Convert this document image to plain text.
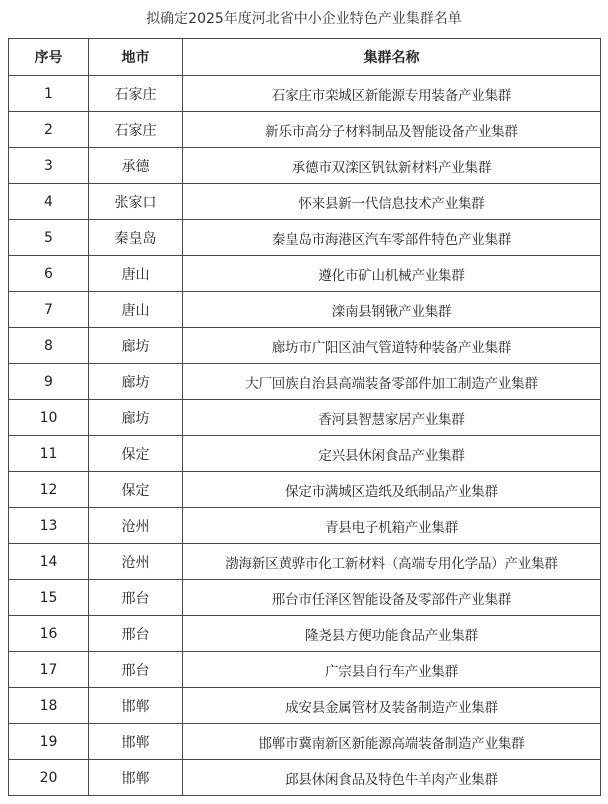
拟确定2025年度河北省中小企业特色产业集群名单
序号	地市	集群名称
1	石家庄	石家庄市栾城区新能源专用装备产业集群
2	石家庄	新乐市高分子材料制品及智能设备产业集群
3	承德	承德市双滦区钒钛新材料产业集群
4	张家口	怀来县新一代信息技术产业集群
5	秦皇岛	秦皇岛市海港区汽车零部件特色产业集群
6	唐山	遵化市矿山机械产业集群
7	唐山	滦南县钢锹产业集群
8	廊坊	廊坊市广阳区油气管道特种装备产业集群
9	廊坊	大厂回族自治县高端装备零部件加工制造产业集群
10	廊坊	香河县智慧家居产业集群
11	保定	定兴县休闲食品产业集群
12	保定	保定市满城区造纸及纸制品产业集群
13	沧州	青县电子机箱产业集群
14	沧州	渤海新区黄骅市化工新材料（高端专用化学品）产业集群
15	邢台	邢台市任泽区智能设备及零部件产业集群
16	邢台	隆尧县方便功能食品产业集群
17	邢台	广宗县自行车产业集群
18	邯郸	成安县金属管材及装备制造产业集群
19	邯郸	邯郸市冀南新区新能源高端装备制造产业集群
20	邯郸	邱县休闲食品及特色牛羊肉产业集群
